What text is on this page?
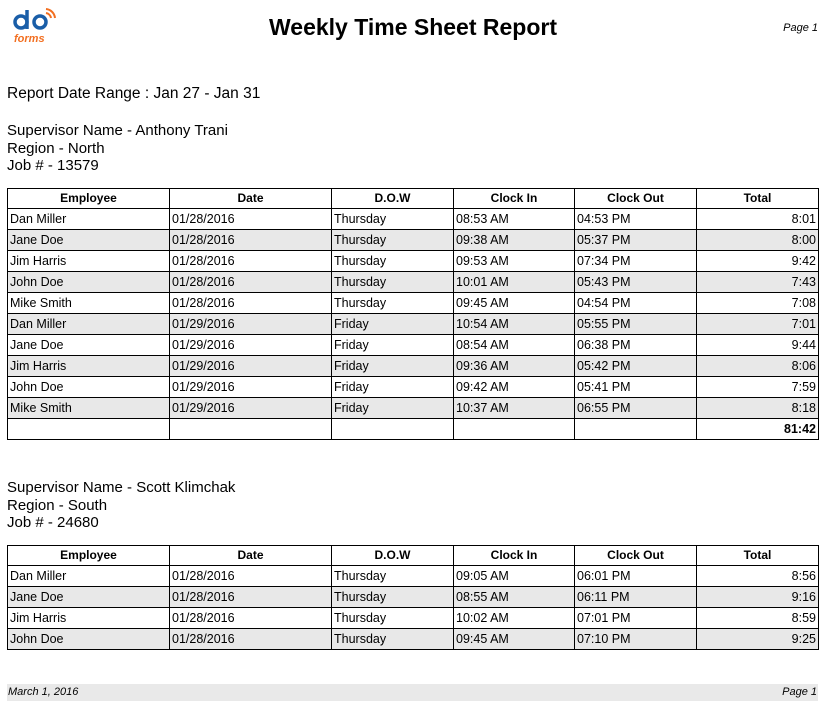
forms	Weekly Time Sheet Report	Page 1
Report Date Range : Jan 27 - Jan 31
Supervisor Name - Anthony Trani
Region - North
Job # - 13579
Employee	Date	D.O.W	Clock In	Clock Out	Total
Dan Miller	01/28/2016	Thursday	08:53 AM	04:53 PM	8:01
Jane Doe	01/28/2016	Thursday	09:38 AM	05:37 PM	8:00
Jim Harris	01/28/2016	Thursday	09:53 AM	07:34 PM	9:42
John Doe	01/28/2016	Thursday	10:01 AM	05:43 PM	7:43
Mike Smith	01/28/2016	Thursday	09:45 AM	04:54 PM	7:08
Dan Miller	01/29/2016	Friday	10:54 AM	05:55 PM	7:01
Jane Doe	01/29/2016	Friday	08:54 AM	06:38 PM	9:44
Jim Harris	01/29/2016	Friday	09:36 AM	05:42 PM	8:06
John Doe	01/29/2016	Friday	09:42 AM	05:41 PM	7:59
Mike Smith	01/29/2016	Friday	10:37 AM	06:55 PM	8:18
					81:42
Supervisor Name - Scott Klimchak
Region - South
Job # - 24680
Employee	Date	D.O.W	Clock In	Clock Out	Total
Dan Miller	01/28/2016	Thursday	09:05 AM	06:01 PM	8:56
Jane Doe	01/28/2016	Thursday	08:55 AM	06:11 PM	9:16
Jim Harris	01/28/2016	Thursday	10:02 AM	07:01 PM	8:59
John Doe	01/28/2016	Thursday	09:45 AM	07:10 PM	9:25
March 1, 2016	Page 1
